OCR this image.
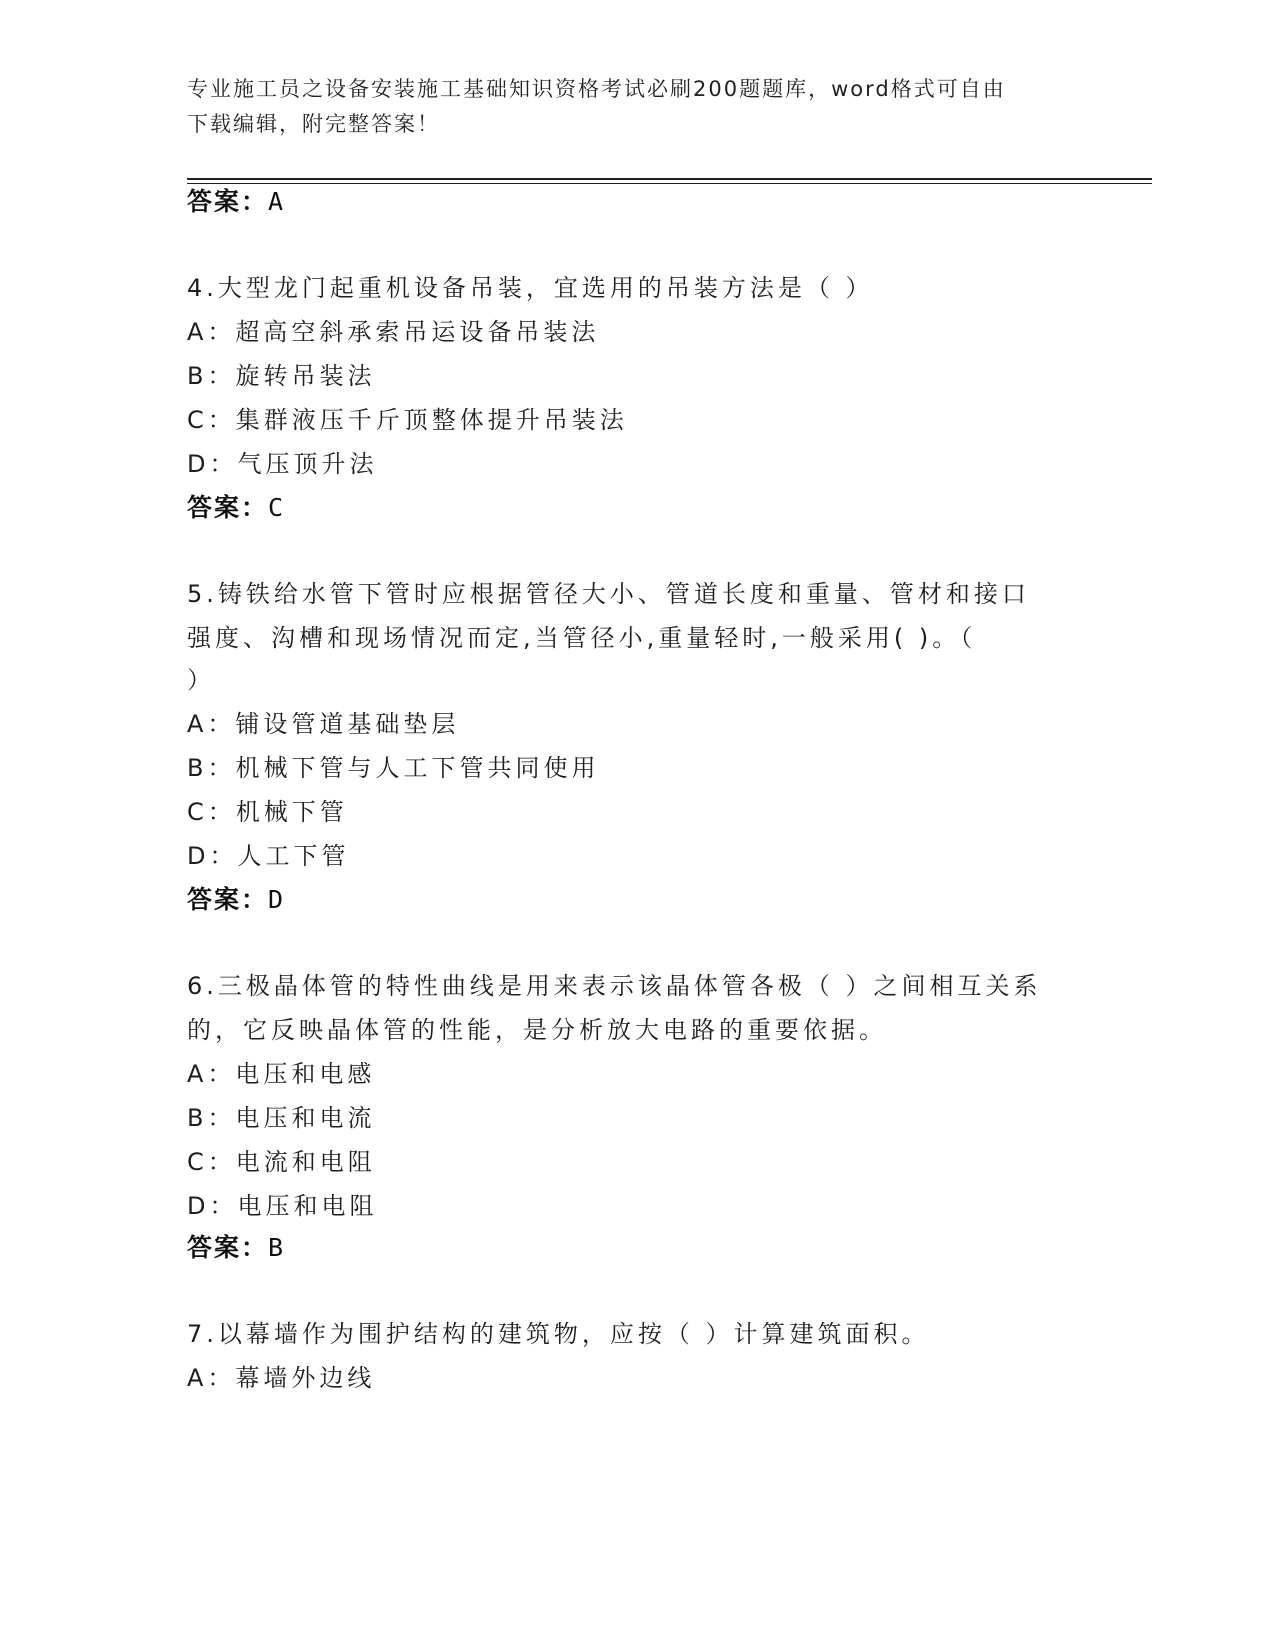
专业施工员之设备安装施工基础知识资格考试必刷200题题库，word格式可自由
下载编辑，附完整答案！
答案：A
4.大型龙门起重机设备吊装，宜选用的吊装方法是（ ）
A：超高空斜承索吊运设备吊装法
B：旋转吊装法
C：集群液压千斤顶整体提升吊装法
D：气压顶升法
答案：C
5.铸铁给水管下管时应根据管径大小、管道长度和重量、管材和接口
强度、沟槽和现场情况而定,当管径小,重量轻时,一般采用( )。（
）
A：铺设管道基础垫层
B：机械下管与人工下管共同使用
C：机械下管
D：人工下管
答案：D
6.三极晶体管的特性曲线是用来表示该晶体管各极（ ）之间相互关系
的，它反映晶体管的性能，是分析放大电路的重要依据。
A：电压和电感
B：电压和电流
C：电流和电阻
D：电压和电阻
答案：B
7.以幕墙作为围护结构的建筑物，应按（ ）计算建筑面积。
A：幕墙外边线
